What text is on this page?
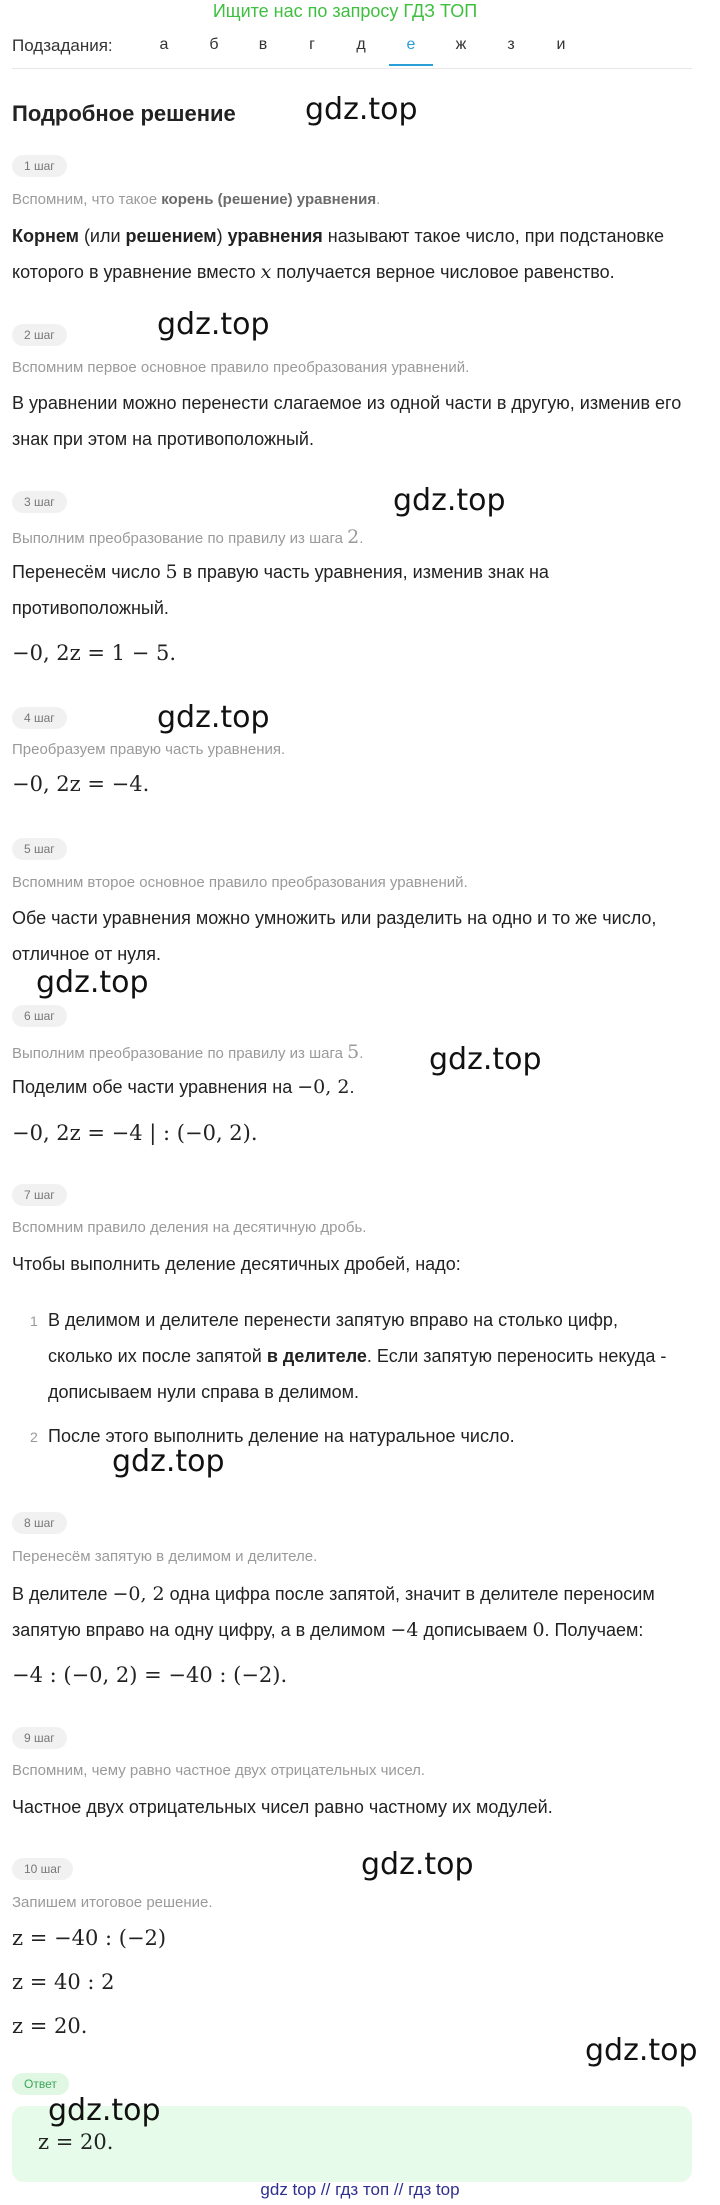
Ищите нас по запросу ГДЗ ТОП
Подзадания:	а	б	в	г	д	е	ж	з	и
Подробное решение gdz.top
gdz.top
gdz.top
gdz.top
gdz.top
gdz.top
gdz.top
gdz.top
gdz.top
gdz.top
1 шаг
Вспомним, что такое корень (решение) уравнения.
Корнем (или решением) уравнения называют такое число, при подстановке которого в уравнение вместо x получается верное числовое равенство.
2 шаг
Вспомним первое основное правило преобразования уравнений.
В уравнении можно перенести слагаемое из одной части в другую, изменив его знак при этом на противоположный.
3 шаг
Выполним преобразование по правилу из шага 2.
Перенесём число 5 в правую часть уравнения, изменив знак на противоположный.
−0, 2z = 1 − 5.
4 шаг
Преобразуем правую часть уравнения.
−0, 2z = −4.
5 шаг
Вспомним второе основное правило преобразования уравнений.
Обе части уравнения можно умножить или разделить на одно и то же число, отличное от нуля.
6 шаг
Выполним преобразование по правилу из шага 5.
Поделим обе части уравнения на −0, 2.
−0, 2z = −4 | : (−0, 2).
7 шаг
Вспомним правило деления на десятичную дробь.
Чтобы выполнить деление десятичных дробей, надо:
1 В делимом и делителе перенести запятую вправо на столько цифр, сколько их после запятой в делителе. Если запятую переносить некуда - дописываем нули справа в делимом.
2 После этого выполнить деление на натуральное число.
8 шаг
Перенесём запятую в делимом и делителе.
В делителе −0, 2 одна цифра после запятой, значит в делителе переносим запятую вправо на одну цифру, а в делимом −4 дописываем 0. Получаем:
−4 : (−0, 2) = −40 : (−2).
9 шаг
Вспомним, чему равно частное двух отрицательных чисел.
Частное двух отрицательных чисел равно частному их модулей.
10 шаг
Запишем итоговое решение.
z = −40 : (−2)
z = 40 : 2
z = 20.
Ответ
z = 20.
gdz top // гдз топ // гдз top
